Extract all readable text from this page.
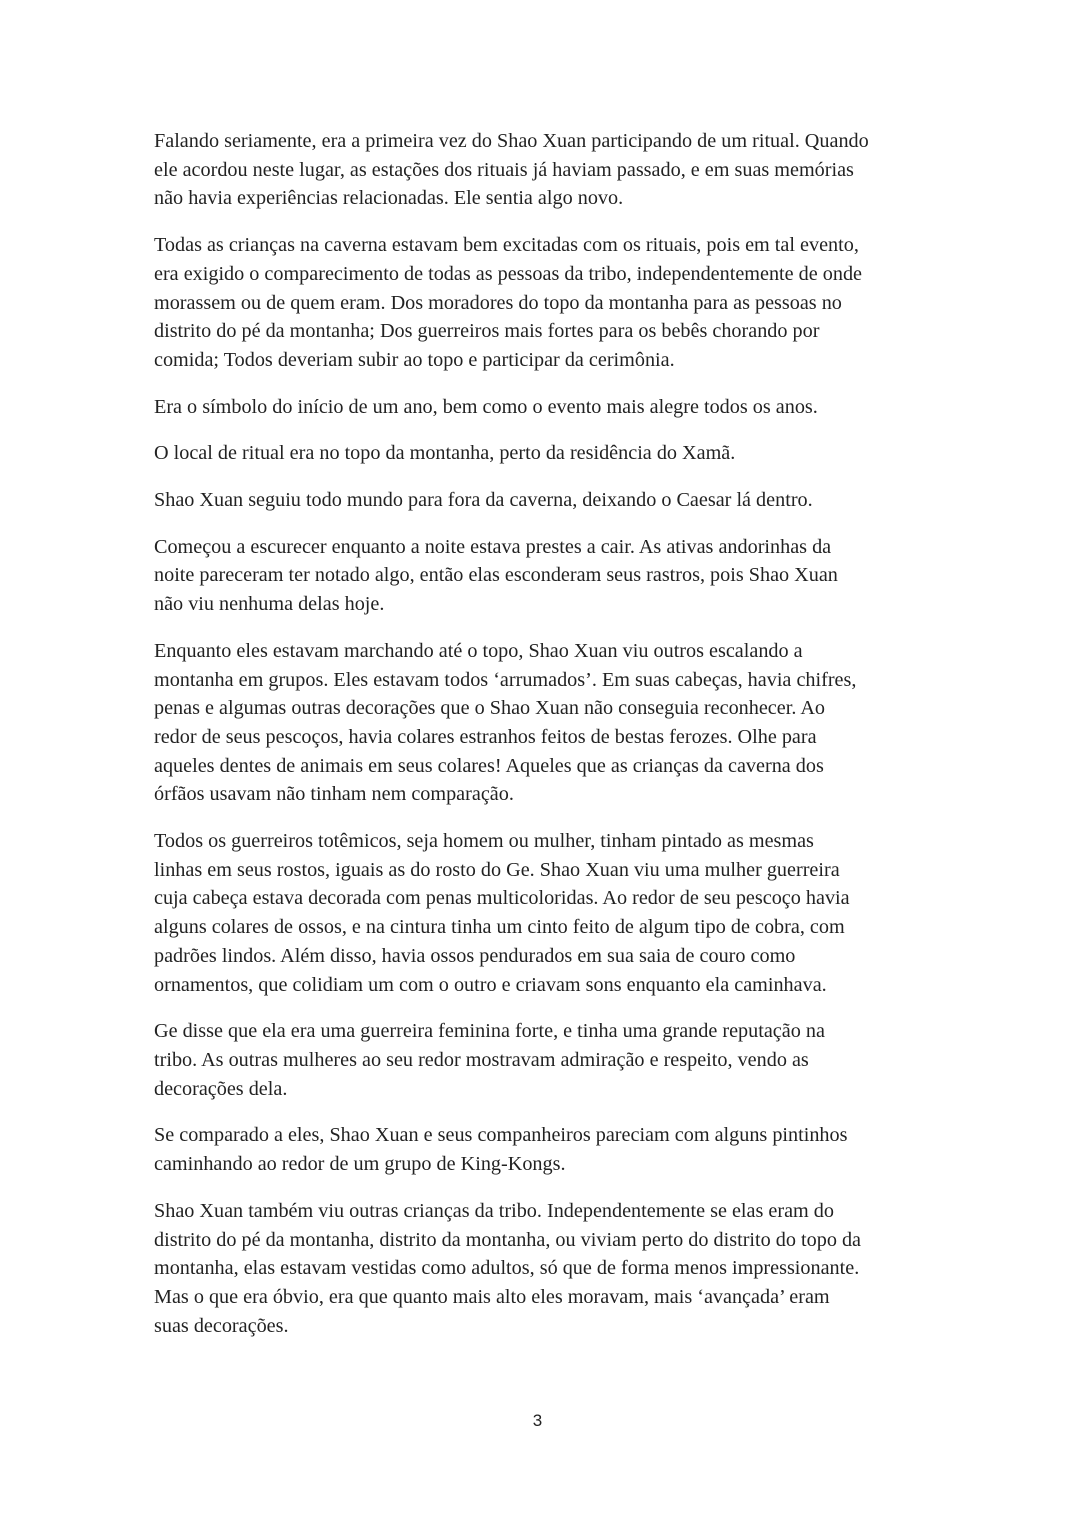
Falando seriamente, era a primeira vez do Shao Xuan participando de um ritual. Quando
ele acordou neste lugar, as estações dos rituais já haviam passado, e em suas memórias
não havia experiências relacionadas. Ele sentia algo novo.

Todas as crianças na caverna estavam bem excitadas com os rituais, pois em tal evento,
era exigido o comparecimento de todas as pessoas da tribo, independentemente de onde
morassem ou de quem eram. Dos moradores do topo da montanha para as pessoas no
distrito do pé da montanha; Dos guerreiros mais fortes para os bebês chorando por
comida; Todos deveriam subir ao topo e participar da cerimônia.

Era o símbolo do início de um ano, bem como o evento mais alegre todos os anos.

O local de ritual era no topo da montanha, perto da residência do Xamã.

Shao Xuan seguiu todo mundo para fora da caverna, deixando o Caesar lá dentro.

Começou a escurecer enquanto a noite estava prestes a cair. As ativas andorinhas da
noite pareceram ter notado algo, então elas esconderam seus rastros, pois Shao Xuan
não viu nenhuma delas hoje.

Enquanto eles estavam marchando até o topo, Shao Xuan viu outros escalando a
montanha em grupos. Eles estavam todos ‘arrumados’. Em suas cabeças, havia chifres,
penas e algumas outras decorações que o Shao Xuan não conseguia reconhecer. Ao
redor de seus pescoços, havia colares estranhos feitos de bestas ferozes. Olhe para
aqueles dentes de animais em seus colares! Aqueles que as crianças da caverna dos
órfãos usavam não tinham nem comparação.

Todos os guerreiros totêmicos, seja homem ou mulher, tinham pintado as mesmas
linhas em seus rostos, iguais as do rosto do Ge. Shao Xuan viu uma mulher guerreira
cuja cabeça estava decorada com penas multicoloridas. Ao redor de seu pescoço havia
alguns colares de ossos, e na cintura tinha um cinto feito de algum tipo de cobra, com
padrões lindos. Além disso, havia ossos pendurados em sua saia de couro como
ornamentos, que colidiam um com o outro e criavam sons enquanto ela caminhava.

Ge disse que ela era uma guerreira feminina forte, e tinha uma grande reputação na
tribo. As outras mulheres ao seu redor mostravam admiração e respeito, vendo as
decorações dela.

Se comparado a eles, Shao Xuan e seus companheiros pareciam com alguns pintinhos
caminhando ao redor de um grupo de King-Kongs.

Shao Xuan também viu outras crianças da tribo. Independentemente se elas eram do
distrito do pé da montanha, distrito da montanha, ou viviam perto do distrito do topo da
montanha, elas estavam vestidas como adultos, só que de forma menos impressionante.
Mas o que era óbvio, era que quanto mais alto eles moravam, mais ‘avançada’ eram
suas decorações.

3
